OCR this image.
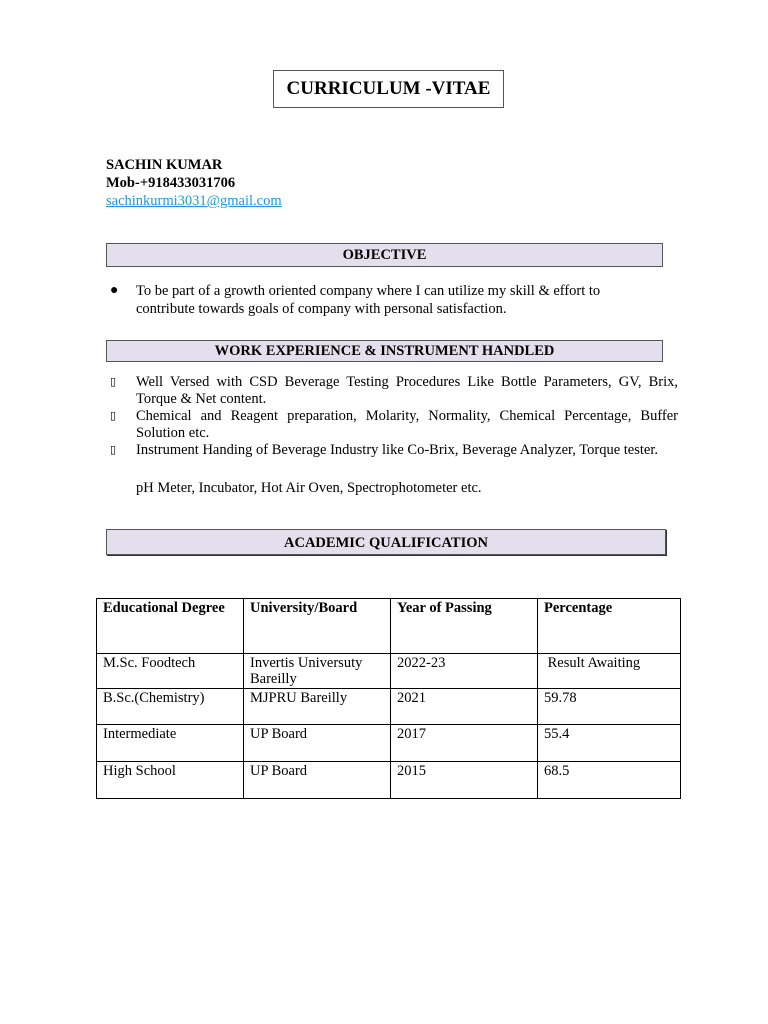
CURRICULUM -VITAE
SACHIN KUMAR
Mob-+918433031706
sachinkurmi3031@gmail.com
OBJECTIVE
● To be part of a growth oriented company where I can utilize my skill & effort to contribute towards goals of company with personal satisfaction.
WORK EXPERIENCE & INSTRUMENT HANDLED
▯ Well Versed with CSD Beverage Testing Procedures Like Bottle Parameters, GV, Brix, Torque & Net content.
▯ Chemical and Reagent preparation, Molarity, Normality, Chemical Percentage, Buffer Solution etc.
▯ Instrument Handing of Beverage Industry like Co-Brix, Beverage Analyzer, Torque tester.
pH Meter, Incubator, Hot Air Oven, Spectrophotometer etc.
ACADEMIC QUALIFICATION
Educational Degree	University/Board	Year of Passing	Percentage
M.Sc. Foodtech	Invertis Universuty Bareilly	2022-23	Result Awaiting
B.Sc.(Chemistry)	MJPRU Bareilly	2021	59.78
Intermediate	UP Board	2017	55.4
High School	UP Board	2015	68.5
